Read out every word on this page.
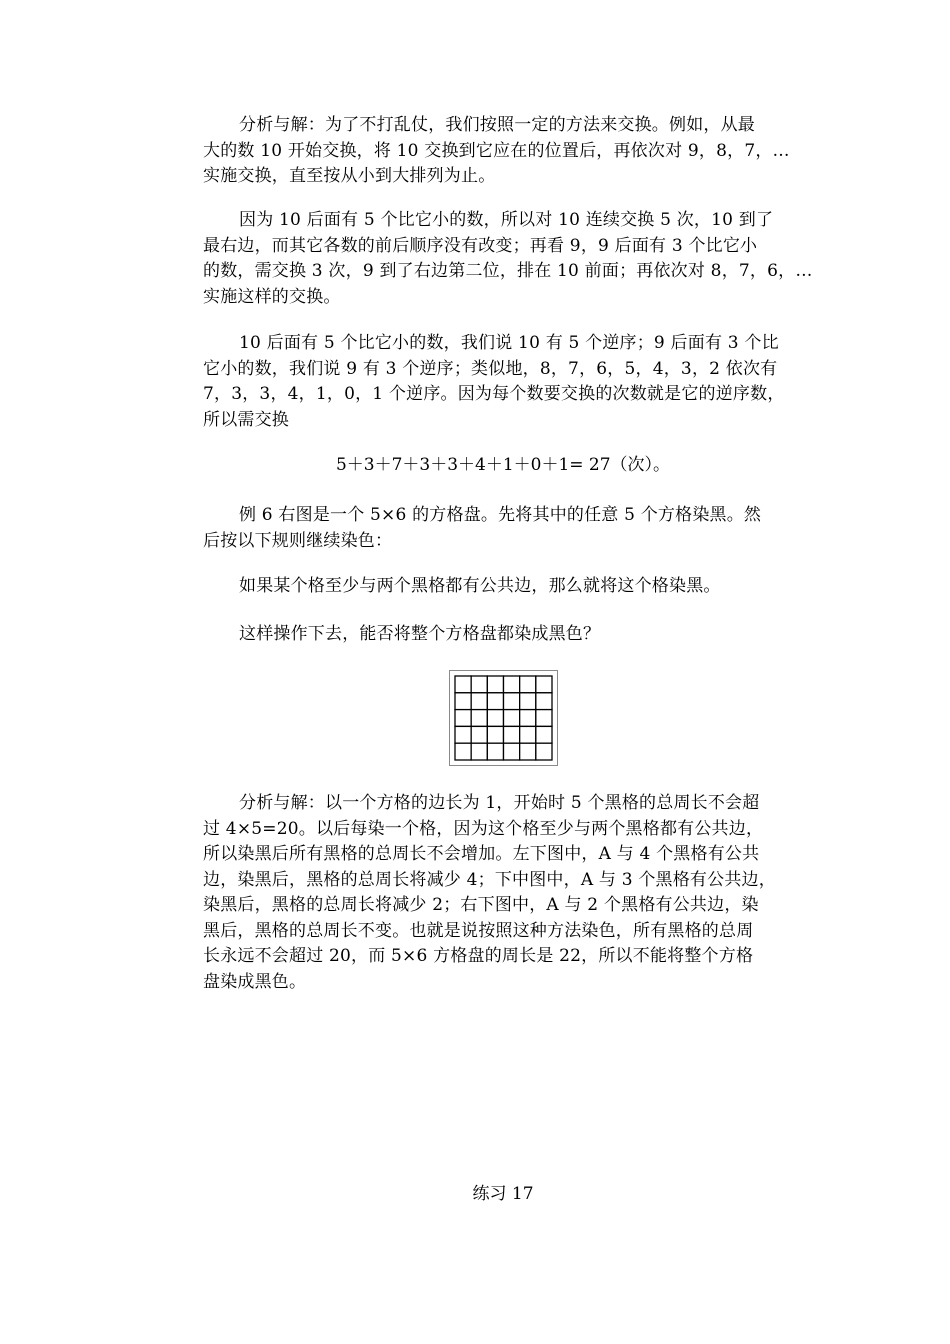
分析与解：为了不打乱仗，我们按照一定的方法来交换。例如，从最
大的数 10 开始交换，将 10 交换到它应在的位置后，再依次对 9，8，7，…
实施交换，直至按从小到大排列为止。
因为 10 后面有 5 个比它小的数，所以对 10 连续交换 5 次，10 到了
最右边，而其它各数的前后顺序没有改变；再看 9，9 后面有 3 个比它小
的数，需交换 3 次，9 到了右边第二位，排在 10 前面；再依次对 8，7，6，…
实施这样的交换。
10 后面有 5 个比它小的数，我们说 10 有 5 个逆序；9 后面有 3 个比
它小的数，我们说 9 有 3 个逆序；类似地，8，7，6，5，4，3，2 依次有
7，3，3，4，1，0，1 个逆序。因为每个数要交换的次数就是它的逆序数，
所以需交换
5＋3＋7＋3＋3＋4＋1＋0＋1= 27（次）。
例 6 右图是一个 5×6 的方格盘。先将其中的任意 5 个方格染黑。然
后按以下规则继续染色：
如果某个格至少与两个黑格都有公共边，那么就将这个格染黑。
这样操作下去，能否将整个方格盘都染成黑色？
分析与解：以一个方格的边长为 1，开始时 5 个黑格的总周长不会超
过 4×5=20。以后每染一个格，因为这个格至少与两个黑格都有公共边，
所以染黑后所有黑格的总周长不会增加。左下图中，A 与 4 个黑格有公共
边，染黑后，黑格的总周长将减少 4；下中图中，A 与 3 个黑格有公共边，
染黑后，黑格的总周长将减少 2；右下图中，A 与 2 个黑格有公共边，染
黑后，黑格的总周长不变。也就是说按照这种方法染色，所有黑格的总周
长永远不会超过 20，而 5×6 方格盘的周长是 22，所以不能将整个方格
盘染成黑色。
练习 17
